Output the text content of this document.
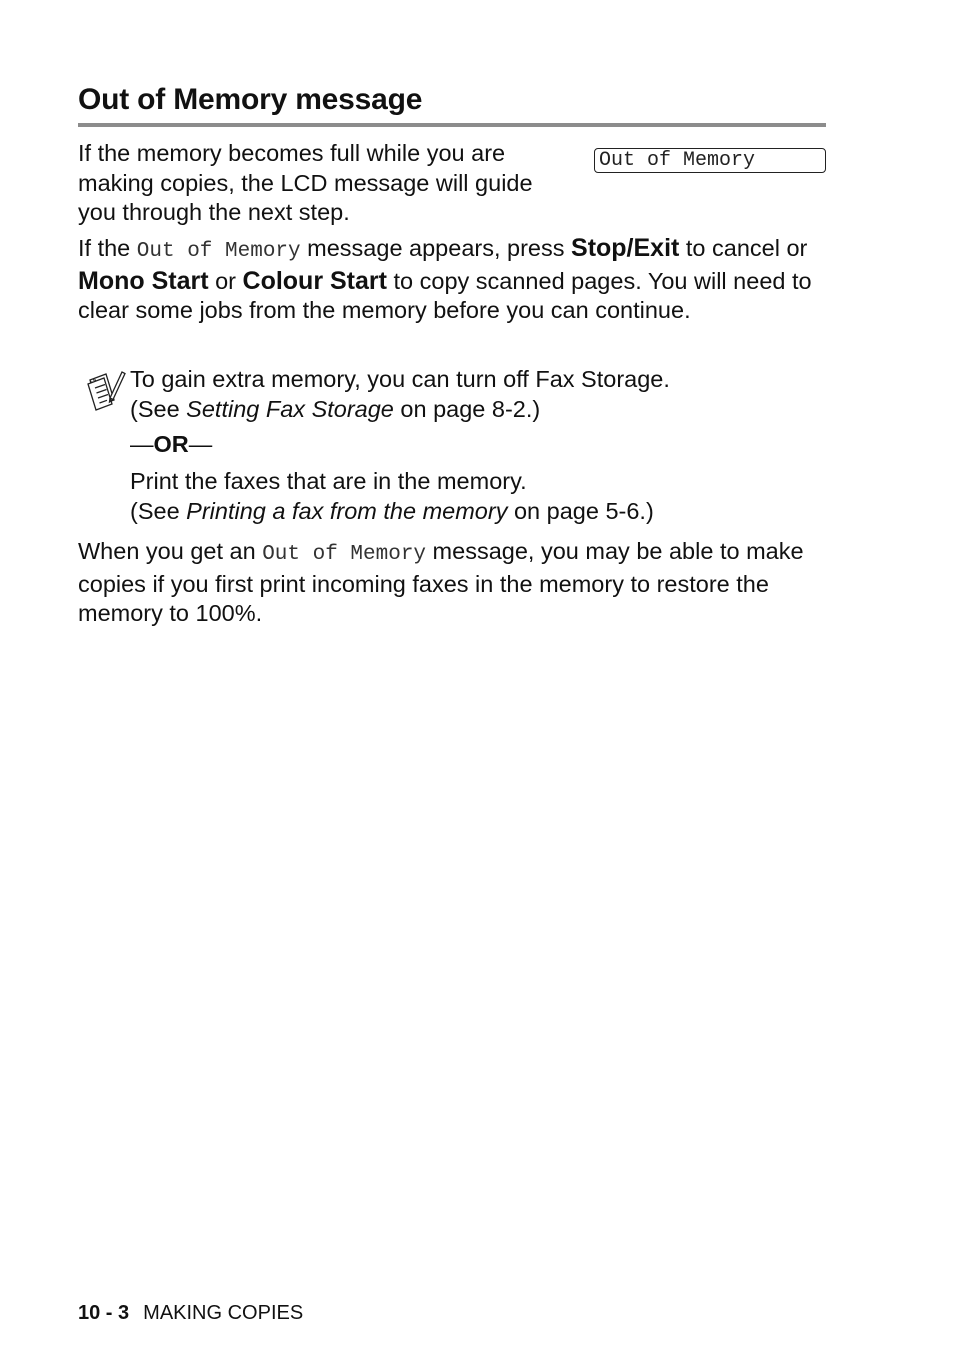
Out of Memory message

If the memory becomes full while you are making copies, the LCD message will guide you through the next step.

Out of Memory

If the Out of Memory message appears, press Stop/Exit to cancel or Mono Start or Colour Start to copy scanned pages. You will need to clear some jobs from the memory before you can continue.

To gain extra memory, you can turn off Fax Storage.
(See Setting Fax Storage on page 8-2.)

—OR—

Print the faxes that are in the memory.
(See Printing a fax from the memory on page 5-6.)

When you get an Out of Memory message, you may be able to make copies if you first print incoming faxes in the memory to restore the memory to 100%.

10 - 3 MAKING COPIES
